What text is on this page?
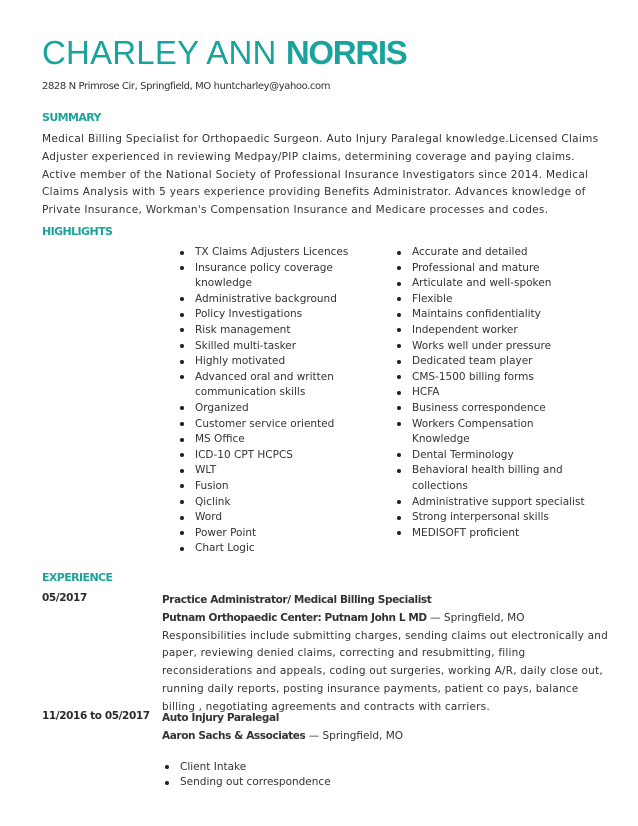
CHARLEY ANN NORRIS
2828 N Primrose Cir, Springfield, MO huntcharley@yahoo.com
SUMMARY

Medical Billing Specialist for Orthopaedic Surgeon. Auto Injury Paralegal knowledge.Licensed Claims
Adjuster experienced in reviewing Medpay/PIP claims, determining coverage and paying claims.
Active member of the National Society of Professional Insurance Investigators since 2014. Medical
Claims Analysis with 5 years experience providing Benefits Administrator. Advances knowledge of
Private Insurance, Workman's Compensation Insurance and Medicare processes and codes.

HIGHLIGHTS
TX Claims Adjusters Licences
Insurance policy coverage
knowledge
Administrative background
Policy Investigations
Risk management
Skilled multi-tasker
Highly motivated
Advanced oral and written
communication skills
Organized
Customer service oriented
MS Office
ICD-10 CPT HCPCS
WLT
Fusion
Qiclink
Word
Power Point
Chart Logic
Accurate and detailed
Professional and mature
Articulate and well-spoken
Flexible
Maintains confidentiality
Independent worker
Works well under pressure
Dedicated team player
CMS-1500 billing forms
HCFA
Business correspondence
Workers Compensation
Knowledge
Dental Terminology
Behavioral health billing and
collections
Administrative support specialist
Strong interpersonal skills
MEDISOFT proficient
EXPERIENCE
05/2017	Practice Administrator/ Medical Billing Specialist
Putnam Orthopaedic Center: Putnam John L MD — Springfield, MO
Responsibilities include submitting charges, sending claims out electronically and
paper, reviewing denied claims, correcting and resubmitting, filing
reconsiderations and appeals, coding out surgeries, working A/R, daily close out,
running daily reports, posting insurance payments, patient co pays, balance
billing , negotiating agreements and contracts with carriers.
11/2016 to 05/2017 Auto Injury Paralegal
Aaron Sachs & Associates — Springfield, MO
Client Intake
Sending out correspondence
